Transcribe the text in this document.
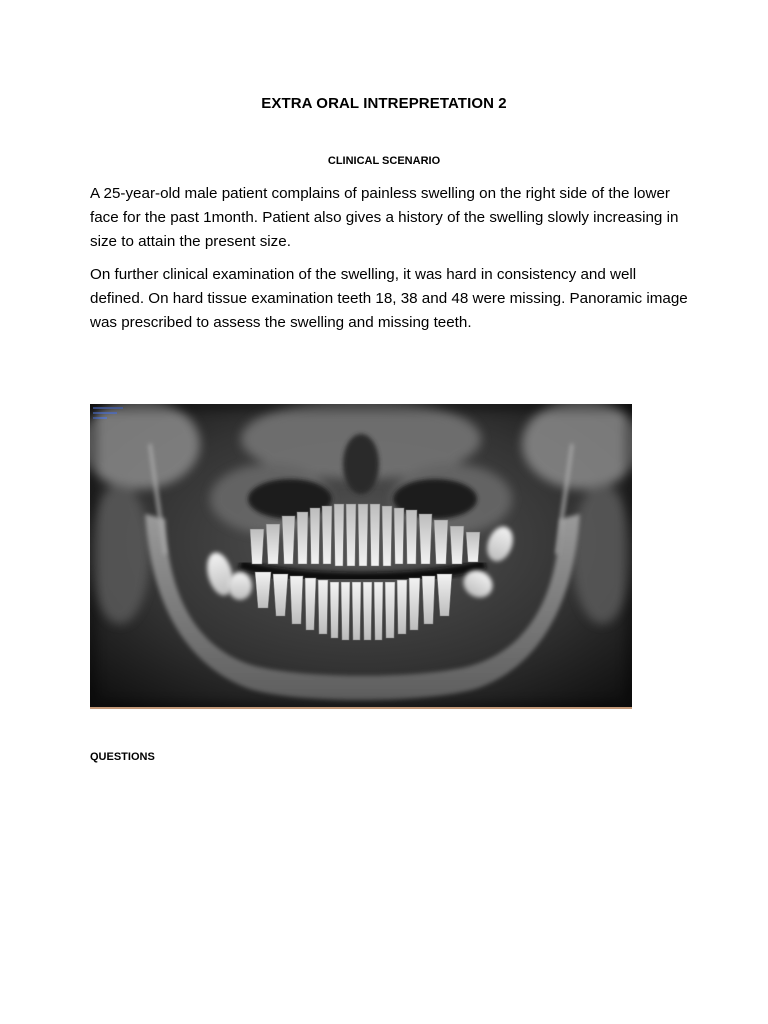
EXTRA ORAL INTREPRETATION 2
CLINICAL SCENARIO

A 25-year-old male patient complains of painless swelling on the right side of the lower face for the past 1month. Patient also gives a history of the swelling slowly increasing in size to attain the present size.

On further clinical examination of the swelling, it was hard in consistency and well defined. On hard tissue examination teeth 18, 38 and 48 were missing. Panoramic image was prescribed to assess the swelling and missing teeth.

QUESTIONS
